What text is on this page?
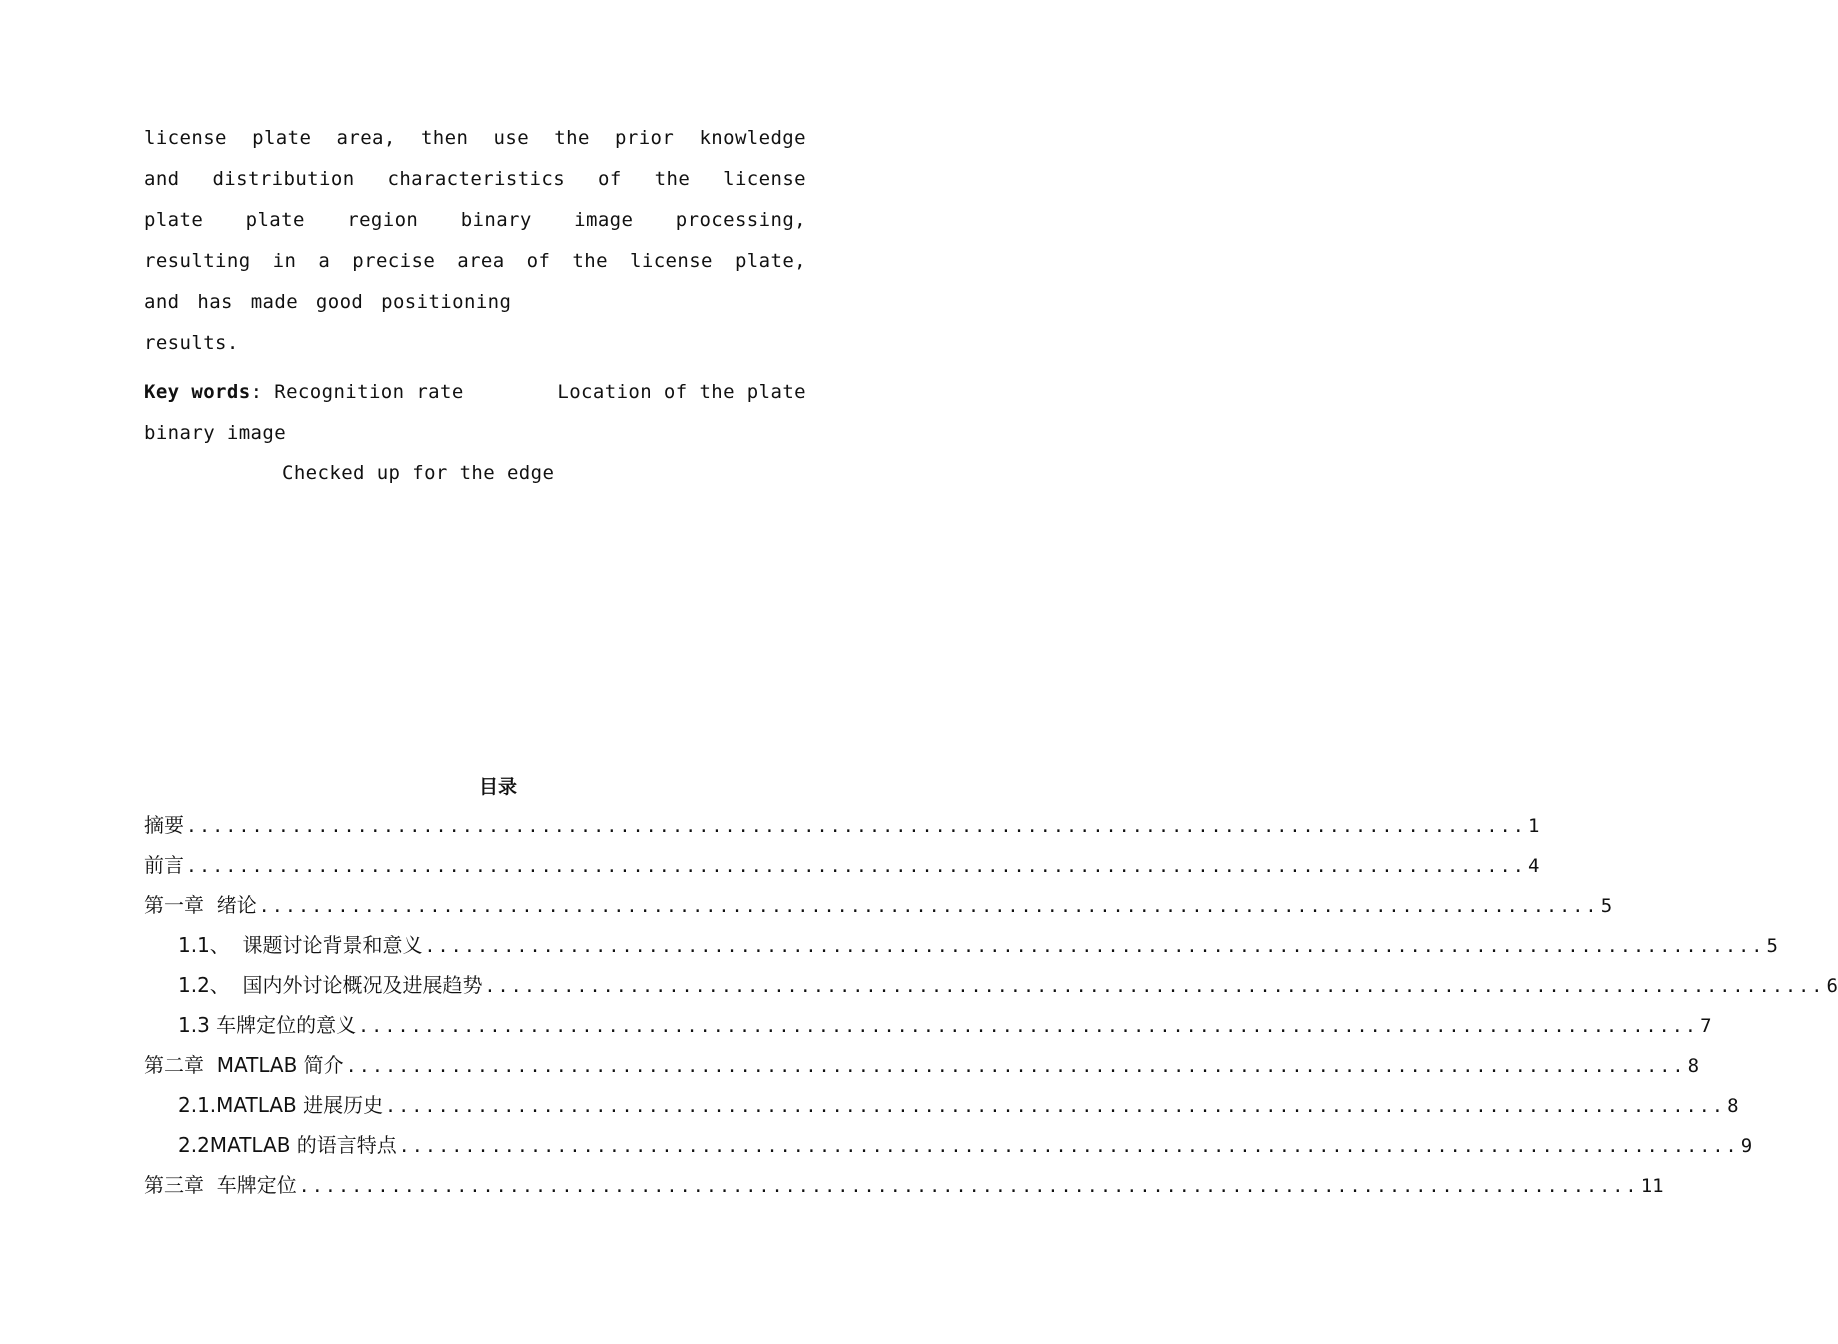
license plate area, then use the prior knowledge and distribution characteristics of the license plate plate region binary image processing, resulting in a precise area of the license plate, and has made good positioning
results.
Key words: Recognition rate	Location of the plate
binary image
Checked up for the edge
目录
摘要 ...................................................................................................... 1
前言 ...................................................................................................... 4
第一章  绪论 ...................................................................................................... 5
1.1、  课题讨论背景和意义 ...................................................................................................... 5
1.2、  国内外讨论概况及进展趋势 ...................................................................................................... 6
1.3 车牌定位的意义 ...................................................................................................... 7
第二章  MATLAB 简介 ...................................................................................................... 8
2.1.MATLAB 进展历史 ...................................................................................................... 8
2.2MATLAB 的语言特点 ...................................................................................................... 9
第三章  车牌定位 ...................................................................................................... 11
